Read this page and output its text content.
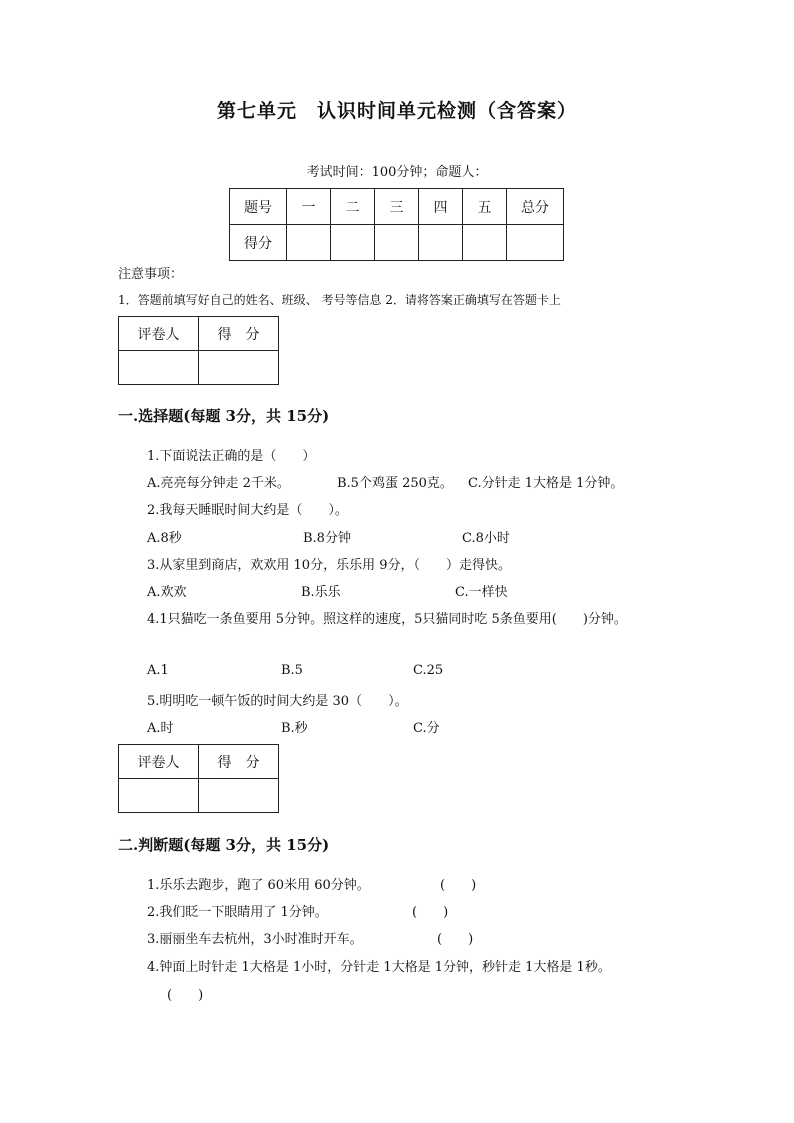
第七单元　认识时间单元检测（含答案）
考试时间：100分钟；命题人：
题号	一	二	三	四	五	总分
得分						
注意事项：
1．答题前填写好自己的姓名、班级、 考号等信息 2．请将答案正确填写在答题卡上
评卷人	得　分

一.选择题(每题 3分，共 15分)
1.下面说法正确的是（　　）
A.亮亮每分钟走 2千米。	B.5个鸡蛋 250克。 C.分针走 1大格是 1分钟。
2.我每天睡眠时间大约是（　　）。
A.8秒	B.8分钟	C.8小时
3.从家里到商店，欢欢用 10分，乐乐用 9分，（　　）走得快。
A.欢欢	B.乐乐	C.一样快
4.1只猫吃一条鱼要用 5分钟。照这样的速度，5只猫同时吃 5条鱼要用(　　)分钟。
A.1	B.5	C.25
5.明明吃一顿午饭的时间大约是 30（　　）。
A.时	B.秒	C.分
评卷人	得　分

二.判断题(每题 3分，共 15分)
1.乐乐去跑步，跑了 60米用 60分钟。	(　　)
2.我们眨一下眼睛用了 1分钟。	(　　)
3.丽丽坐车去杭州，3小时准时开车。	(　　)
4.钟面上时针走 1大格是 1小时，分针走 1大格是 1分钟，秒针走 1大格是 1秒。
(　　)
